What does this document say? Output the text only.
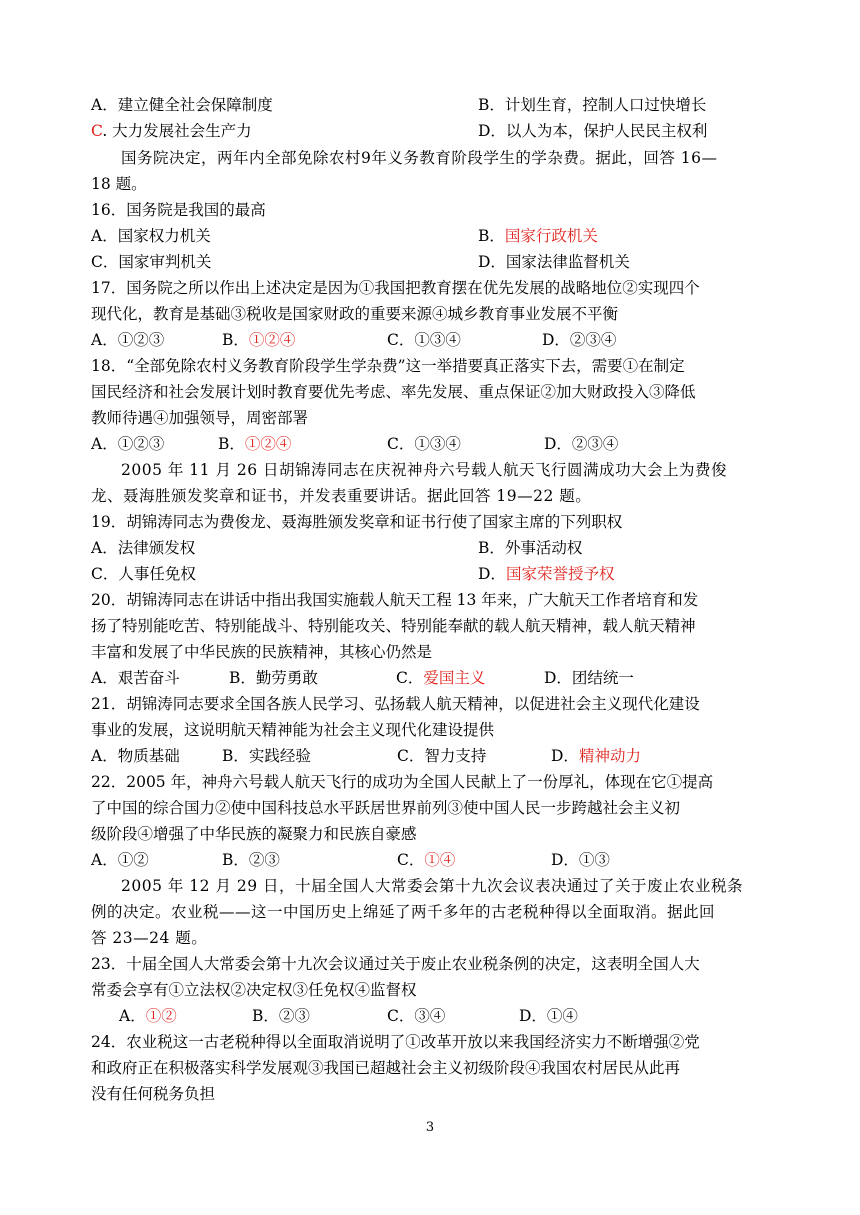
A．建立健全社会保障制度	B．计划生育，控制人口过快增长
C. 大力发展社会生产力	D．以人为本，保护人民民主权利
国务院决定，两年内全部免除农村9年义务教育阶段学生的学杂费。据此，回答 16—
18 题。
16．国务院是我国的最高
A．国家权力机关	B．国家行政机关
C．国家审判机关	D．国家法律监督机关
17．国务院之所以作出上述决定是因为①我国把教育摆在优先发展的战略地位②实现四个
现代化，教育是基础③税收是国家财政的重要来源④城乡教育事业发展不平衡
A．①②③	B．①②④	C．①③④	D．②③④
18．“全部免除农村义务教育阶段学生学杂费”这一举措要真正落实下去，需要①在制定
国民经济和社会发展计划时教育要优先考虑、率先发展、重点保证②加大财政投入③降低
教师待遇④加强领导，周密部署
A．①②③	B．①②④	C．①③④	D．②③④
2005 年 11 月 26 日胡锦涛同志在庆祝神舟六号载人航天飞行圆满成功大会上为费俊
龙、聂海胜颁发奖章和证书，并发表重要讲话。据此回答 19—22 题。
19．胡锦涛同志为费俊龙、聂海胜颁发奖章和证书行使了国家主席的下列职权
A．法律颁发权	B．外事活动权
C．人事任免权	D．国家荣誉授予权
20．胡锦涛同志在讲话中指出我国实施载人航天工程 13 年来，广大航天工作者培育和发
扬了特别能吃苦、特别能战斗、特别能攻关、特别能奉献的载人航天精神，载人航天精神
丰富和发展了中华民族的民族精神，其核心仍然是
A．艰苦奋斗	B．勤劳勇敢	C．爱国主义	D．团结统一
21．胡锦涛同志要求全国各族人民学习、弘扬载人航天精神，以促进社会主义现代化建设
事业的发展，这说明航天精神能为社会主义现代化建设提供
A．物质基础	B．实践经验	C．智力支持	D．精神动力
22．2005 年，神舟六号载人航天飞行的成功为全国人民献上了一份厚礼，体现在它①提高
了中国的综合国力②使中国科技总水平跃居世界前列③使中国人民一步跨越社会主义初
级阶段④增强了中华民族的凝聚力和民族自豪感
A．①②	B．②③	C．①④	D．①③
2005 年 12 月 29 日，十届全国人大常委会第十九次会议表决通过了关于废止农业税条
例的决定。农业税——这一中国历史上绵延了两千多年的古老税种得以全面取消。据此回
答 23—24 题。
23．十届全国人大常委会第十九次会议通过关于废止农业税条例的决定，这表明全国人大
常委会享有①立法权②决定权③任免权④监督权
A．①②	B．②③	C．③④	D．①④
24．农业税这一古老税种得以全面取消说明了①改革开放以来我国经济实力不断增强②党
和政府正在积极落实科学发展观③我国已超越社会主义初级阶段④我国农村居民从此再
没有任何税务负担
3
